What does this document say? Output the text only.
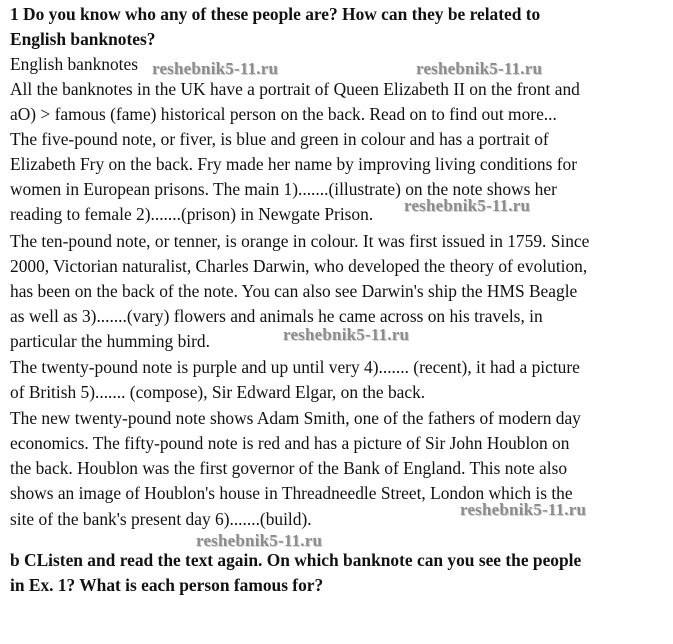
1 Do you know who any of these people are? How can they be related to
English banknotes?
English banknotes
All the banknotes in the UK have a portrait of Queen Elizabeth II on the front and
aO) > famous (fame) historical person on the back. Read on to find out more...
The five-pound note, or fiver, is blue and green in colour and has a portrait of
Elizabeth Fry on the back. Fry made her name by improving living conditions for
women in European prisons. The main 1).......(illustrate) on the note shows her
reading to female 2).......(prison) in Newgate Prison.
The ten-pound note, or tenner, is orange in colour. It was first issued in 1759. Since
2000, Victorian naturalist, Charles Darwin, who developed the theory of evolution,
has been on the back of the note. You can also see Darwin's ship the HMS Beagle
as well as 3).......(vary) flowers and animals he came across on his travels, in
particular the humming bird.
The twenty-pound note is purple and up until very 4)....... (recent), it had a picture
of British 5)....... (compose), Sir Edward Elgar, on the back.
The new twenty-pound note shows Adam Smith, one of the fathers of modern day
economics. The fifty-pound note is red and has a picture of Sir John Houblon on
the back. Houblon was the first governor of the Bank of England. This note also
shows an image of Houblon's house in Threadneedle Street, London which is the
site of the bank's present day 6).......(build).
b CListen and read the text again. On which banknote can you see the people
in Ex. 1? What is each person famous for?
reshebnik5-11.ru	reshebnik5-11.ru
reshebnik5-11.ru
reshebnik5-11.ru
reshebnik5-11.ru
reshebnik5-11.ru
